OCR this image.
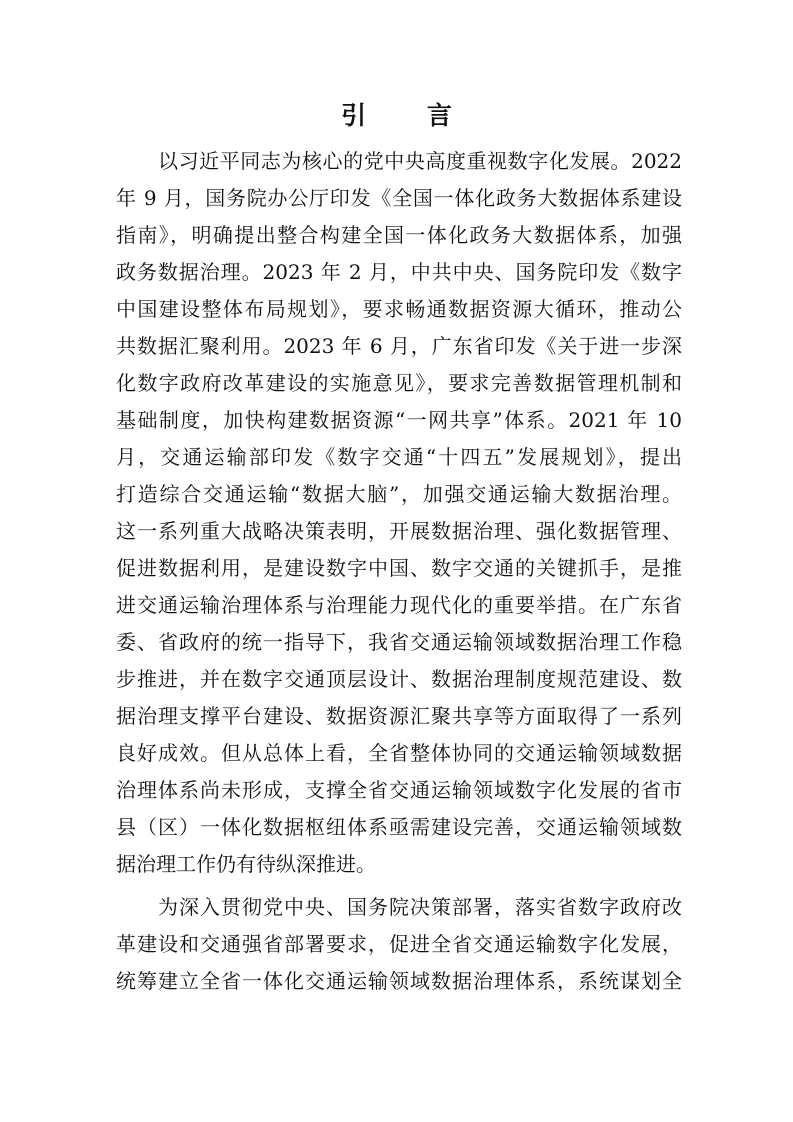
引 言
以习近平同志为核心的党中央高度重视数字化发展。2022
年 9 月，国务院办公厅印发《全国一体化政务大数据体系建设
指南》，明确提出整合构建全国一体化政务大数据体系，加强
政务数据治理。2023 年 2 月，中共中央、国务院印发《数字
中国建设整体布局规划》，要求畅通数据资源大循环，推动公
共数据汇聚利用。2023 年 6 月，广东省印发《关于进一步深
化数字政府改革建设的实施意见》，要求完善数据管理机制和
基础制度，加快构建数据资源“一网共享”体系。2021 年 10
月，交通运输部印发《数字交通“十四五”发展规划》，提出
打造综合交通运输“数据大脑”，加强交通运输大数据治理。
这一系列重大战略决策表明，开展数据治理、强化数据管理、
促进数据利用，是建设数字中国、数字交通的关键抓手，是推
进交通运输治理体系与治理能力现代化的重要举措。在广东省
委、省政府的统一指导下，我省交通运输领域数据治理工作稳
步推进，并在数字交通顶层设计、数据治理制度规范建设、数
据治理支撑平台建设、数据资源汇聚共享等方面取得了一系列
良好成效。但从总体上看，全省整体协同的交通运输领域数据
治理体系尚未形成，支撑全省交通运输领域数字化发展的省市
县（区）一体化数据枢纽体系亟需建设完善，交通运输领域数
据治理工作仍有待纵深推进。
为深入贯彻党中央、国务院决策部署，落实省数字政府改
革建设和交通强省部署要求，促进全省交通运输数字化发展，
统筹建立全省一体化交通运输领域数据治理体系，系统谋划全
